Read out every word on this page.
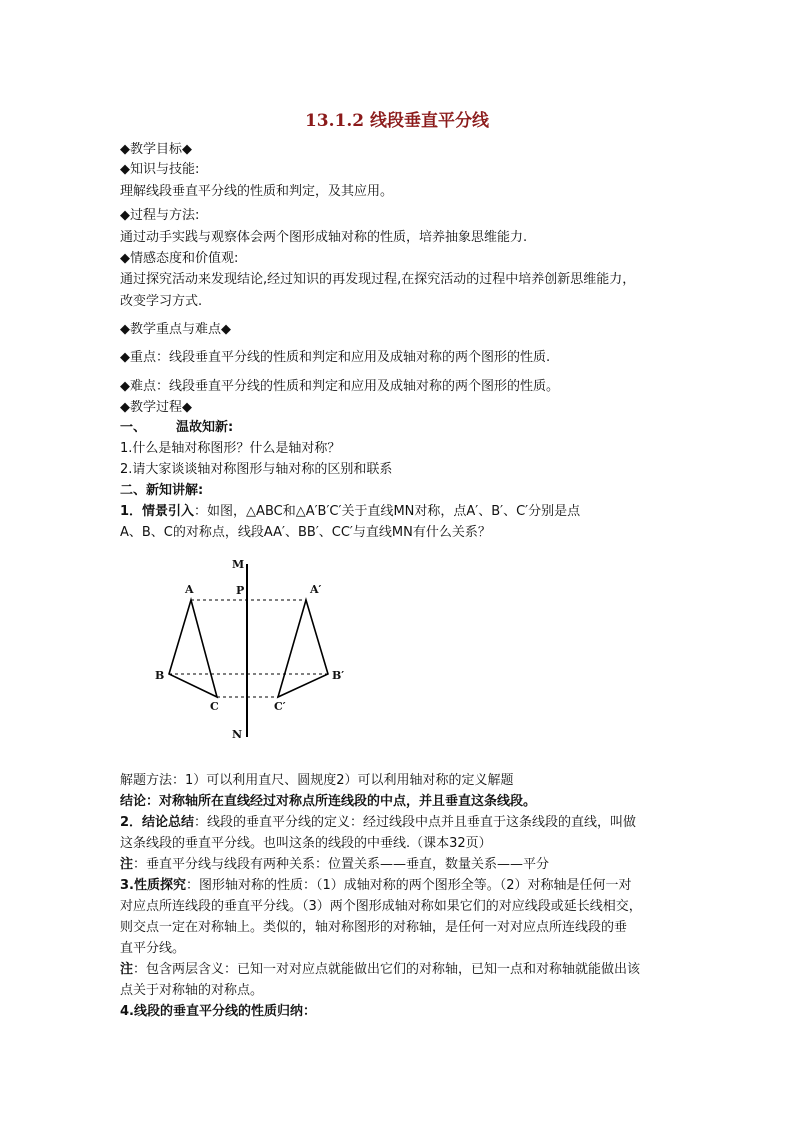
13.1.2 线段垂直平分线
◆教学目标◆
◆知识与技能:
理解线段垂直平分线的性质和判定，及其应用。
◆过程与方法:
通过动手实践与观察体会两个图形成轴对称的性质，培养抽象思维能力.
◆情感态度和价值观:
通过探究活动来发现结论,经过知识的再发现过程,在探究活动的过程中培养创新思维能力，
改变学习方式.
◆教学重点与难点◆
◆重点：线段垂直平分线的性质和判定和应用及成轴对称的两个图形的性质.
◆难点：线段垂直平分线的性质和判定和应用及成轴对称的两个图形的性质。
◆教学过程◆
一、 温故知新:
1.什么是轴对称图形？什么是轴对称？
2.请大家谈谈轴对称图形与轴对称的区别和联系
二、新知讲解:
1．情景引入：如图，△ABC和△A′B′C′关于直线MN对称，点A′、B′、C′分别是点
A、B、C的对称点，线段AA′、BB′、CC′与直线MN有什么关系？
M
P
N
A
B
C
A′
B′
C′
解题方法：1）可以利用直尺、圆规度2）可以利用轴对称的定义解题
结论：对称轴所在直线经过对称点所连线段的中点，并且垂直这条线段。
2．结论总结：线段的垂直平分线的定义：经过线段中点并且垂直于这条线段的直线，叫做
这条线段的垂直平分线。也叫这条的线段的中垂线.（课本32页）
注：垂直平分线与线段有两种关系：位置关系——垂直，数量关系——平分
3.性质探究：图形轴对称的性质：（1）成轴对称的两个图形全等。（2）对称轴是任何一对
对应点所连线段的垂直平分线。（3）两个图形成轴对称如果它们的对应线段或延长线相交，
则交点一定在对称轴上。类似的，轴对称图形的对称轴，是任何一对对应点所连线段的垂
直平分线。
注：包含两层含义：已知一对对应点就能做出它们的对称轴，已知一点和对称轴就能做出该
点关于对称轴的对称点。
4.线段的垂直平分线的性质归纳：
